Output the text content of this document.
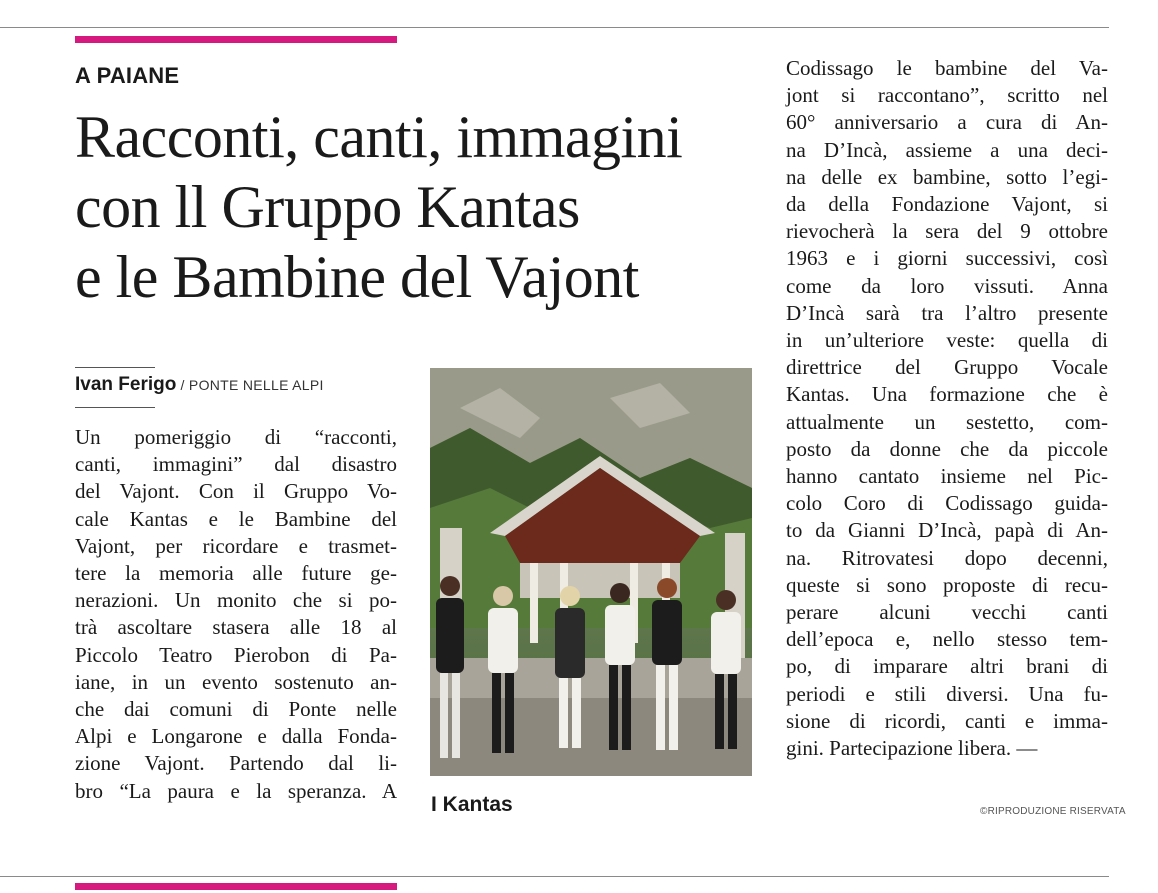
A PAIANE
Racconti, canti, immagini
con ll Gruppo Kantas
e le Bambine del Vajont
Ivan Ferigo / PONTE NELLE ALPI
Un pomeriggio di “racconti,
canti, immagini” dal disastro
del Vajont. Con il Gruppo Vo-
cale Kantas e le Bambine del
Vajont, per ricordare e trasmet-
tere la memoria alle future ge-
nerazioni. Un monito che si po-
trà ascoltare stasera alle 18 al
Piccolo Teatro Pierobon di Pa-
iane, in un evento sostenuto an-
che dai comuni di Ponte nelle
Alpi e Longarone e dalla Fonda-
zione Vajont. Partendo dal li-
bro “La paura e la speranza. A
I Kantas
Codissago le bambine del Va-
jont si raccontano”, scritto nel
60° anniversario a cura di An-
na D’Incà, assieme a una deci-
na delle ex bambine, sotto l’egi-
da della Fondazione Vajont, si
rievocherà la sera del 9 ottobre
1963 e i giorni successivi, così
come da loro vissuti. Anna
D’Incà sarà tra l’altro presente
in un’ulteriore veste: quella di
direttrice del Gruppo Vocale
Kantas. Una formazione che è
attualmente un sestetto, com-
posto da donne che da piccole
hanno cantato insieme nel Pic-
colo Coro di Codissago guida-
to da Gianni D’Incà, papà di An-
na. Ritrovatesi dopo decenni,
queste si sono proposte di recu-
perare alcuni vecchi canti
dell’epoca e, nello stesso tem-
po, di imparare altri brani di
periodi e stili diversi. Una fu-
sione di ricordi, canti e imma-
gini. Partecipazione libera. —
©RIPRODUZIONE RISERVATA
